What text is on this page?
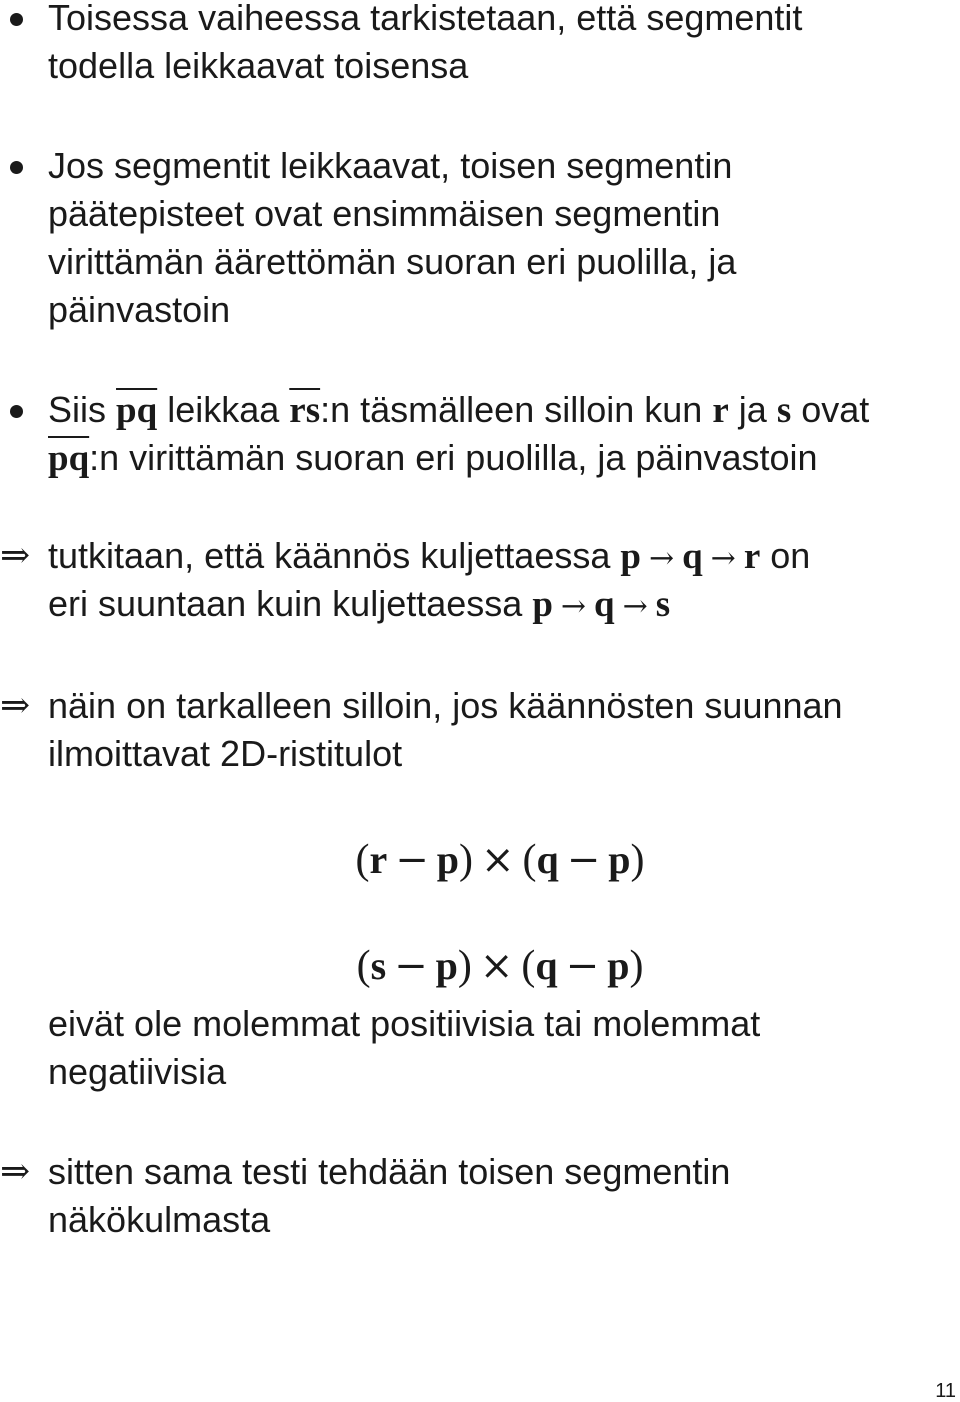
Toisessa vaiheessa tarkistetaan, että segmentit
todella leikkaavat toisensa
Jos segmentit leikkaavat, toisen segmentin
päätepisteet ovat ensimmäisen segmentin
virittämän äärettömän suoran eri puolilla, ja
päinvastoin
Siis $\overline{pq}$ leikkaa $\overline{rs}:n$ täsmälleen silloin kun r ja s ovat
$\overline{pq}:n$ virittämän suoran eri puolilla, ja päinvastoin
⇒ tutkitaan, että käännös kuljettaessa p → q → r on
eri suuntaan kuin kuljettaessa p → q → s
⇒ näin on tarkalleen silloin, jos käännösten suunnan
ilmoittavat 2D-ristitulot
(r − p) × (q − p)
(s − p) × (q − p)
eivät ole molemmat positiivisia tai molemmat
negatiivisia
⇒ sitten sama testi tehdään toisen segmentin
näkökulmasta
11
